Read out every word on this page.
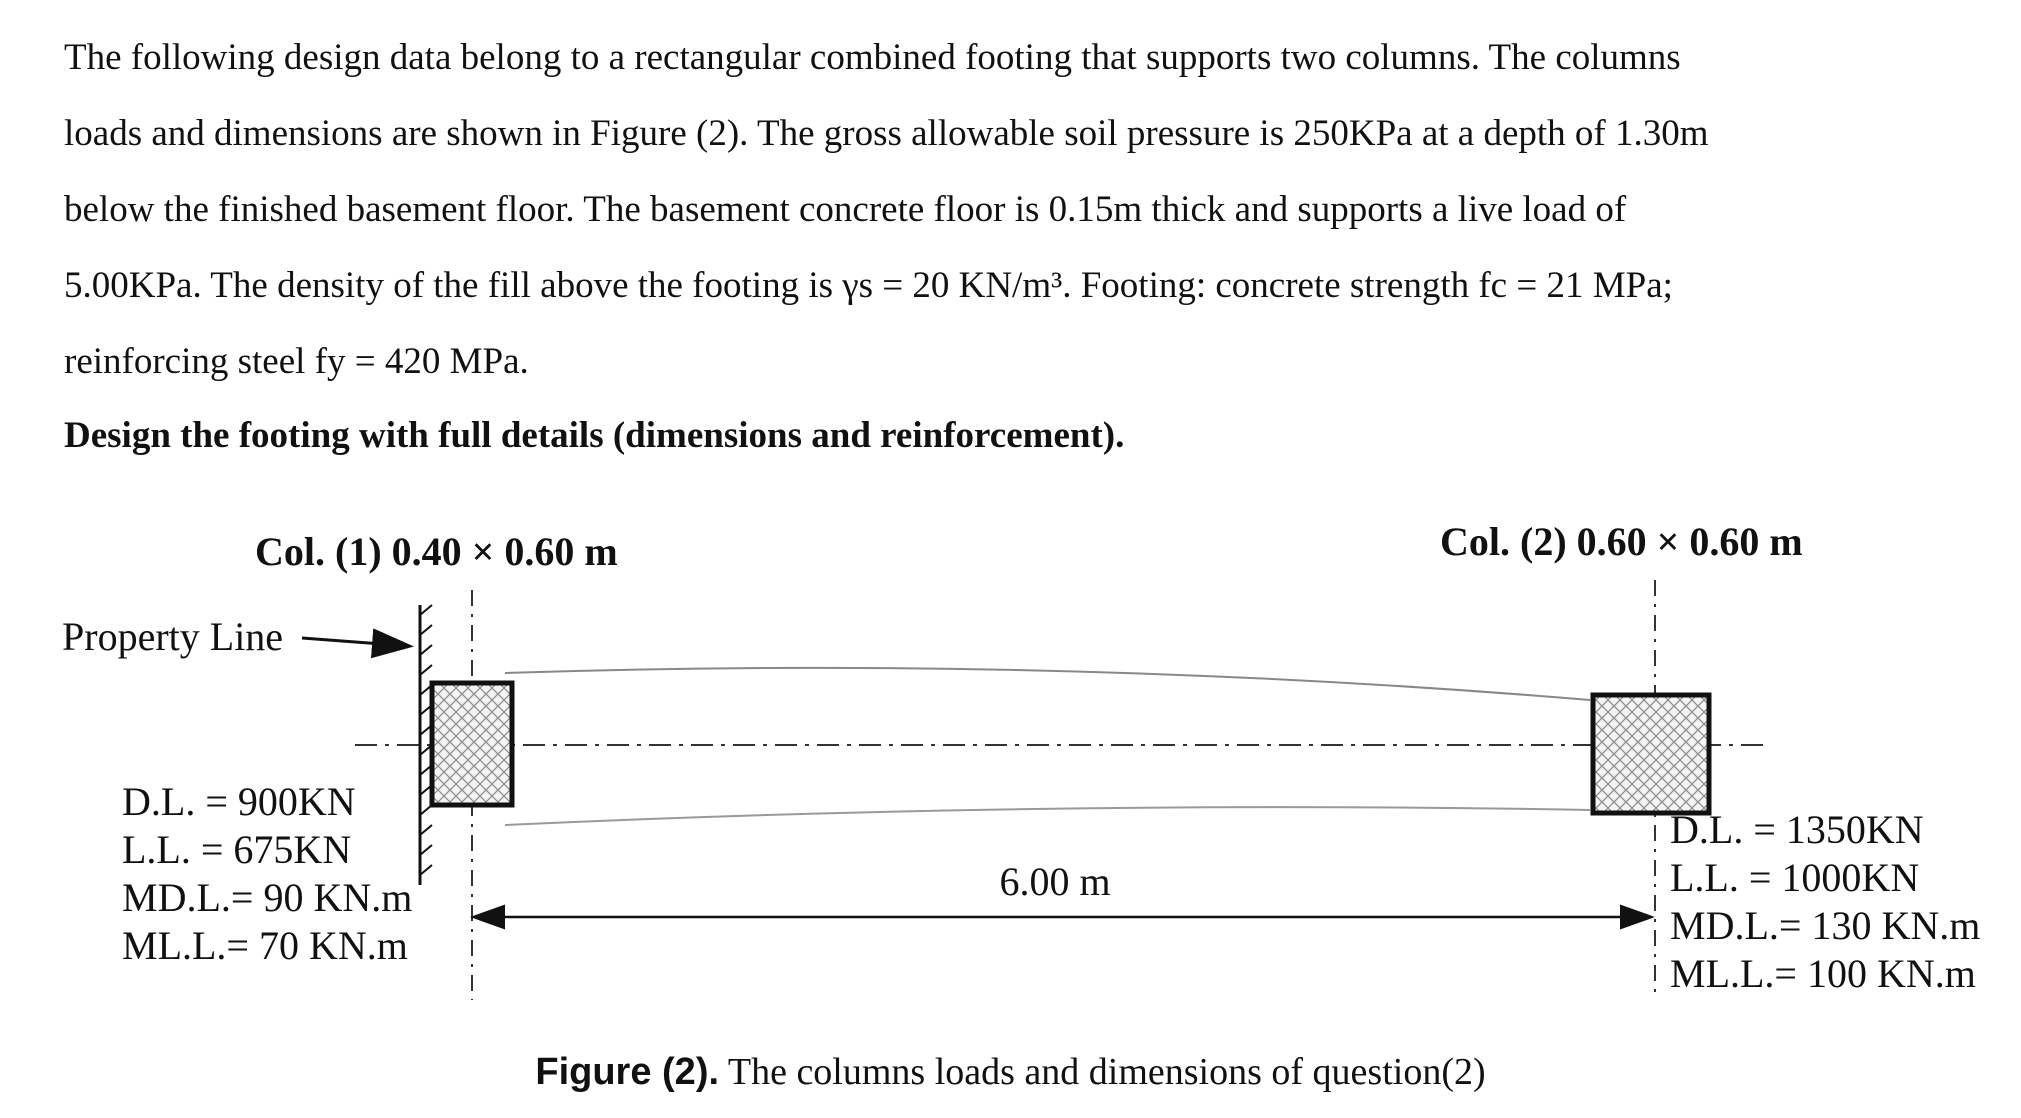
The following design data belong to a rectangular combined footing that supports two columns. The columns
loads and dimensions are shown in Figure (2). The gross allowable soil pressure is 250KPa at a depth of 1.30m
below the finished basement floor. The basement concrete floor is 0.15m thick and supports a live load of
5.00KPa. The density of the fill above the footing is γs = 20 KN/m³. Footing: concrete strength fc = 21 MPa;
reinforcing steel fy = 420 MPa.

Design the footing with full details (dimensions and reinforcement).

Col. (1) 0.40 × 0.60 m	Col. (2) 0.60 × 0.60 m
Property Line
6.00 m
D.L. = 900KN
L.L. = 675KN
MD.L.= 90 KN.m
ML.L.= 70 KN.m
D.L. = 1350KN
L.L. = 1000KN
MD.L.= 130 KN.m
ML.L.= 100 KN.m

Figure (2). The columns loads and dimensions of question(2)
